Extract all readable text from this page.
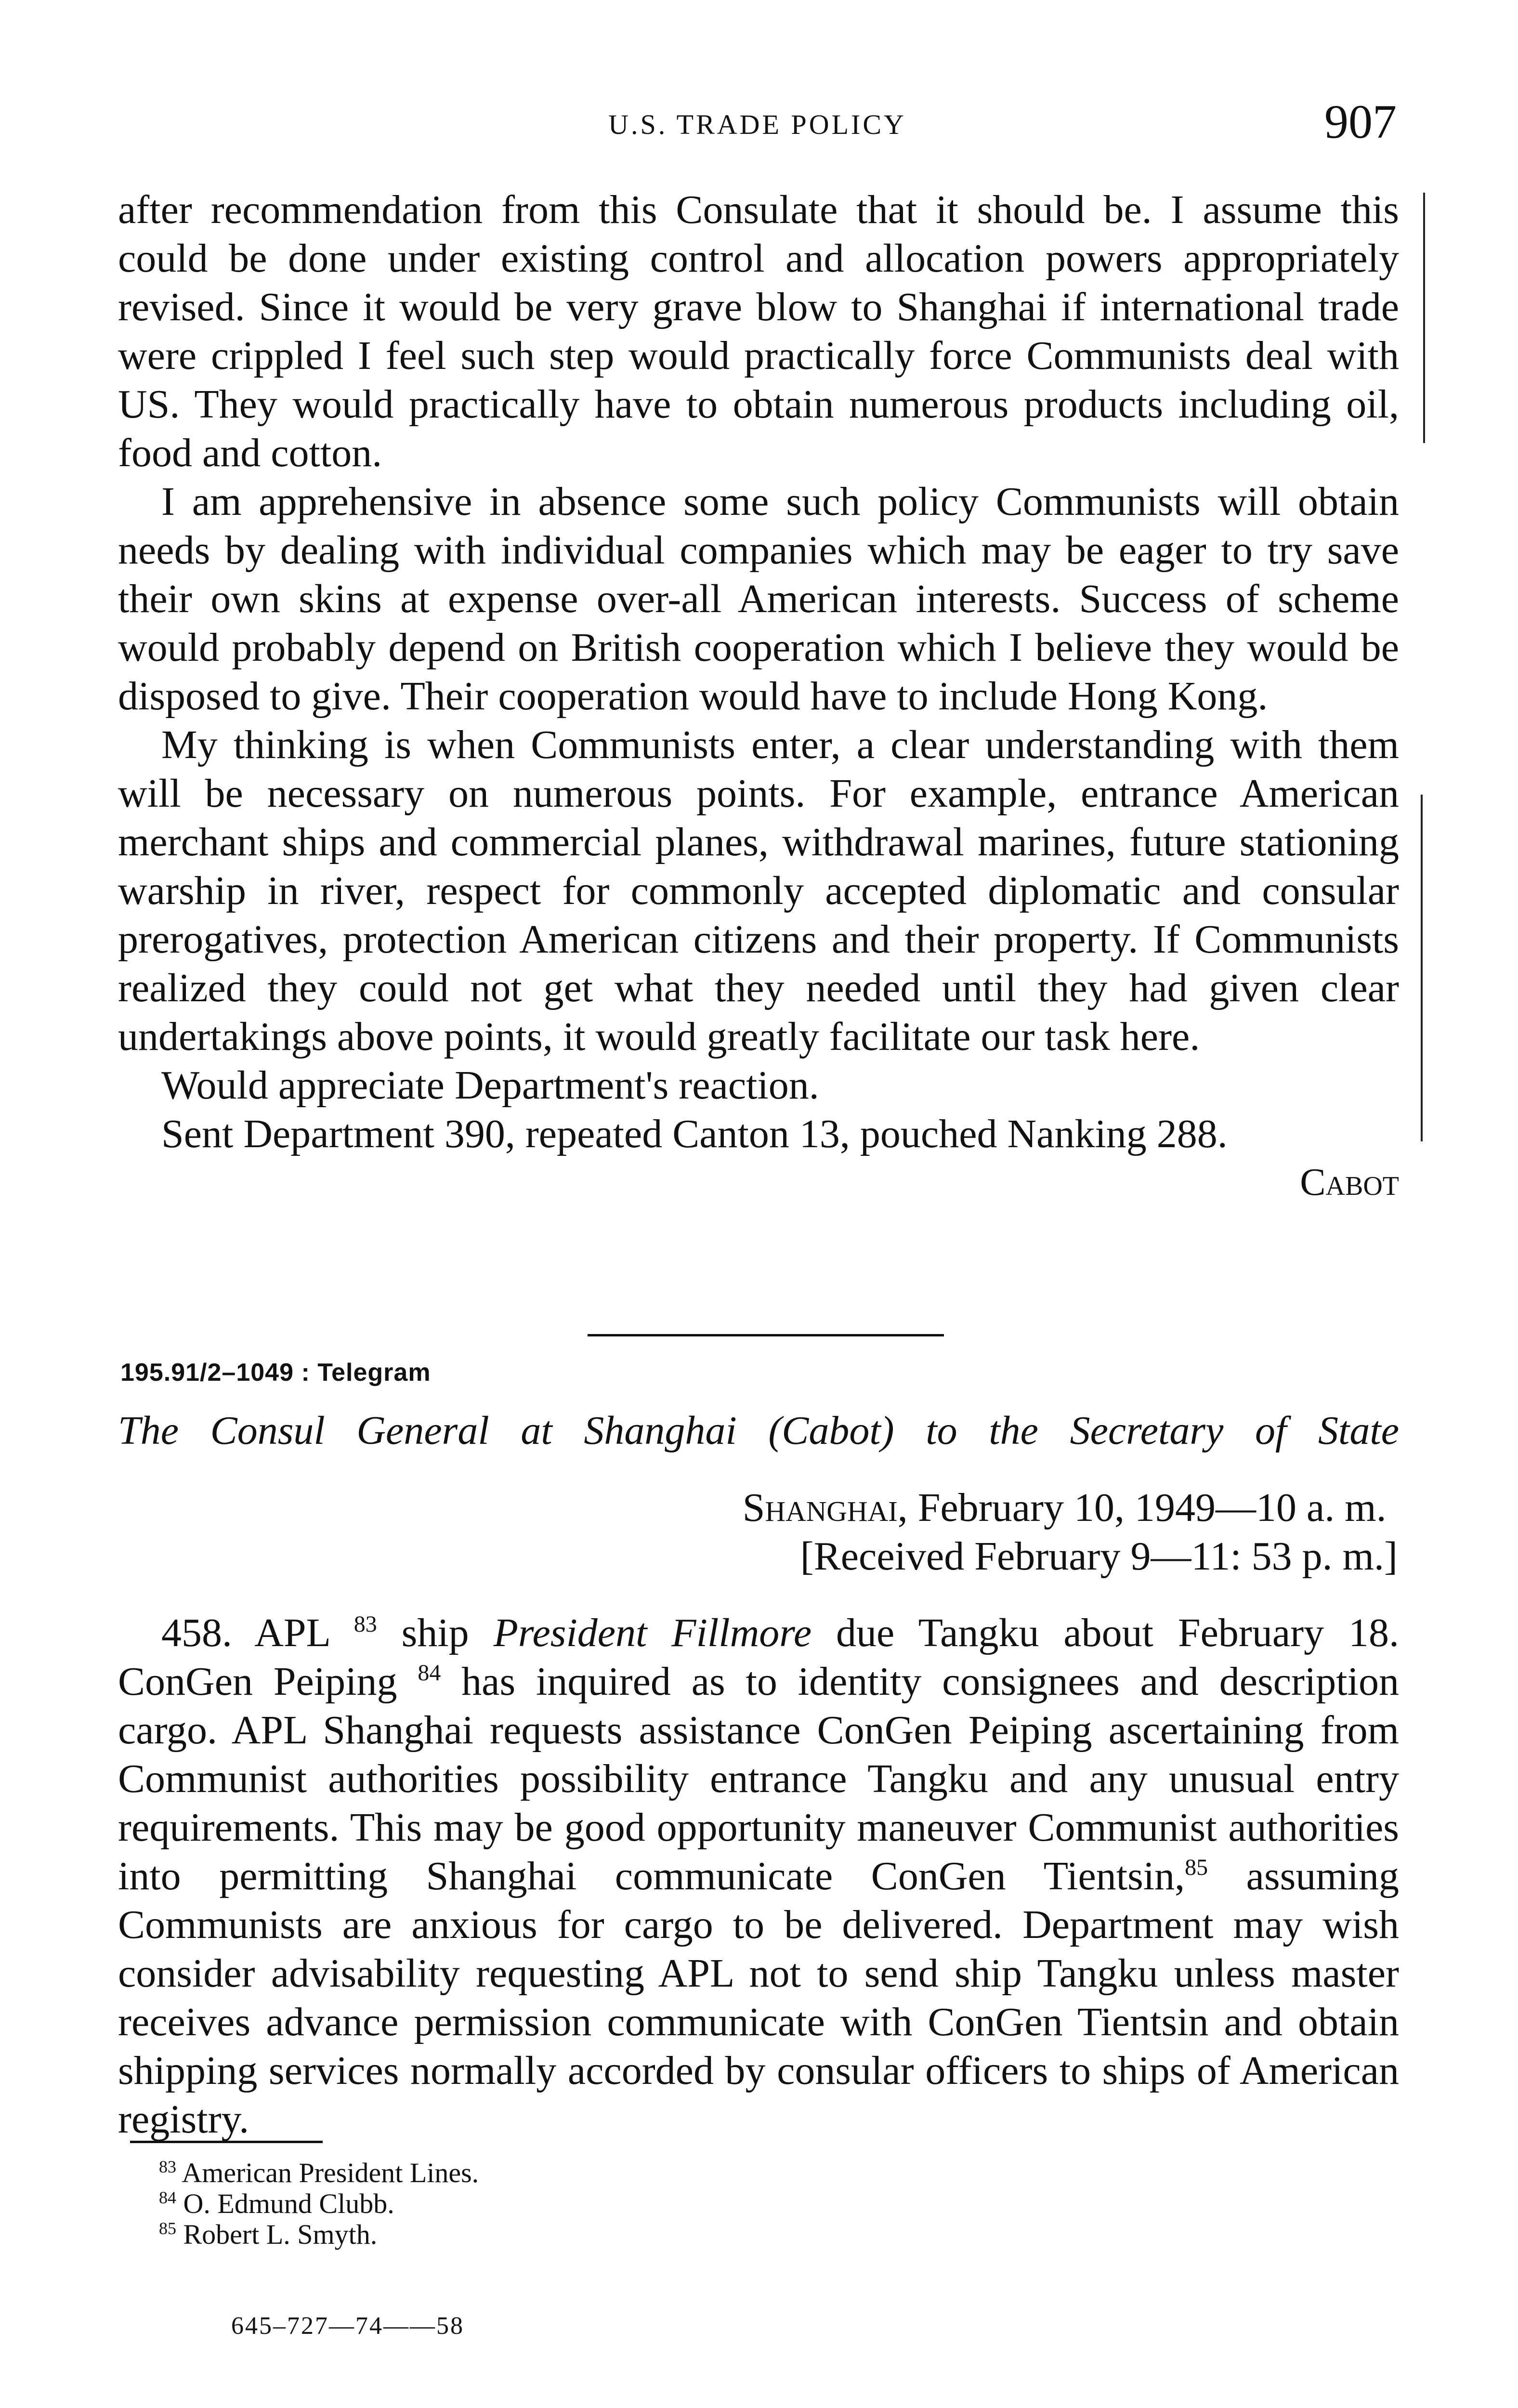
U.S. TRADE POLICY	907

after recommendation from this Consulate that it should be. I assume this could be done under existing control and allocation powers appropriately revised. Since it would be very grave blow to Shanghai if international trade were crippled I feel such step would practically force Communists deal with US. They would practically have to obtain numerous products including oil, food and cotton.

I am apprehensive in absence some such policy Communists will obtain needs by dealing with individual companies which may be eager to try save their own skins at expense over-all American interests. Success of scheme would probably depend on British cooperation which I believe they would be disposed to give. Their cooperation would have to include Hong Kong.

My thinking is when Communists enter, a clear understanding with them will be necessary on numerous points. For example, entrance American merchant ships and commercial planes, withdrawal marines, future stationing warship in river, respect for commonly accepted diplomatic and consular prerogatives, protection American citizens and their property. If Communists realized they could not get what they needed until they had given clear undertakings above points, it would greatly facilitate our task here.

Would appreciate Department's reaction.

Sent Department 390, repeated Canton 13, pouched Nanking 288.

Cabot

195.91/2–1049 : Telegram
The Consul General at Shanghai (Cabot) to the Secretary of State
Shanghai, February 10, 1949—10 a. m.
[Received February 9—11: 53 p. m.]

458. APL $^{83}$ ship President Fillmore due Tangku about February 18. ConGen Peiping $^{84}$ has inquired as to identity consignees and description cargo. APL Shanghai requests assistance ConGen Peiping ascertaining from Communist authorities possibility entrance Tangku and any unusual entry requirements. This may be good opportunity maneuver Communist authorities into permitting Shanghai communicate ConGen Tientsin,$^{85}$ assuming Communists are anxious for cargo to be delivered. Department may wish consider advisability requesting APL not to send ship Tangku unless master receives advance permission communicate with ConGen Tientsin and obtain shipping services normally accorded by consular officers to ships of American registry.

$^{83}$ American President Lines.
$^{84}$ O. Edmund Clubb.
$^{85}$ Robert L. Smyth.
645–727—74——58
